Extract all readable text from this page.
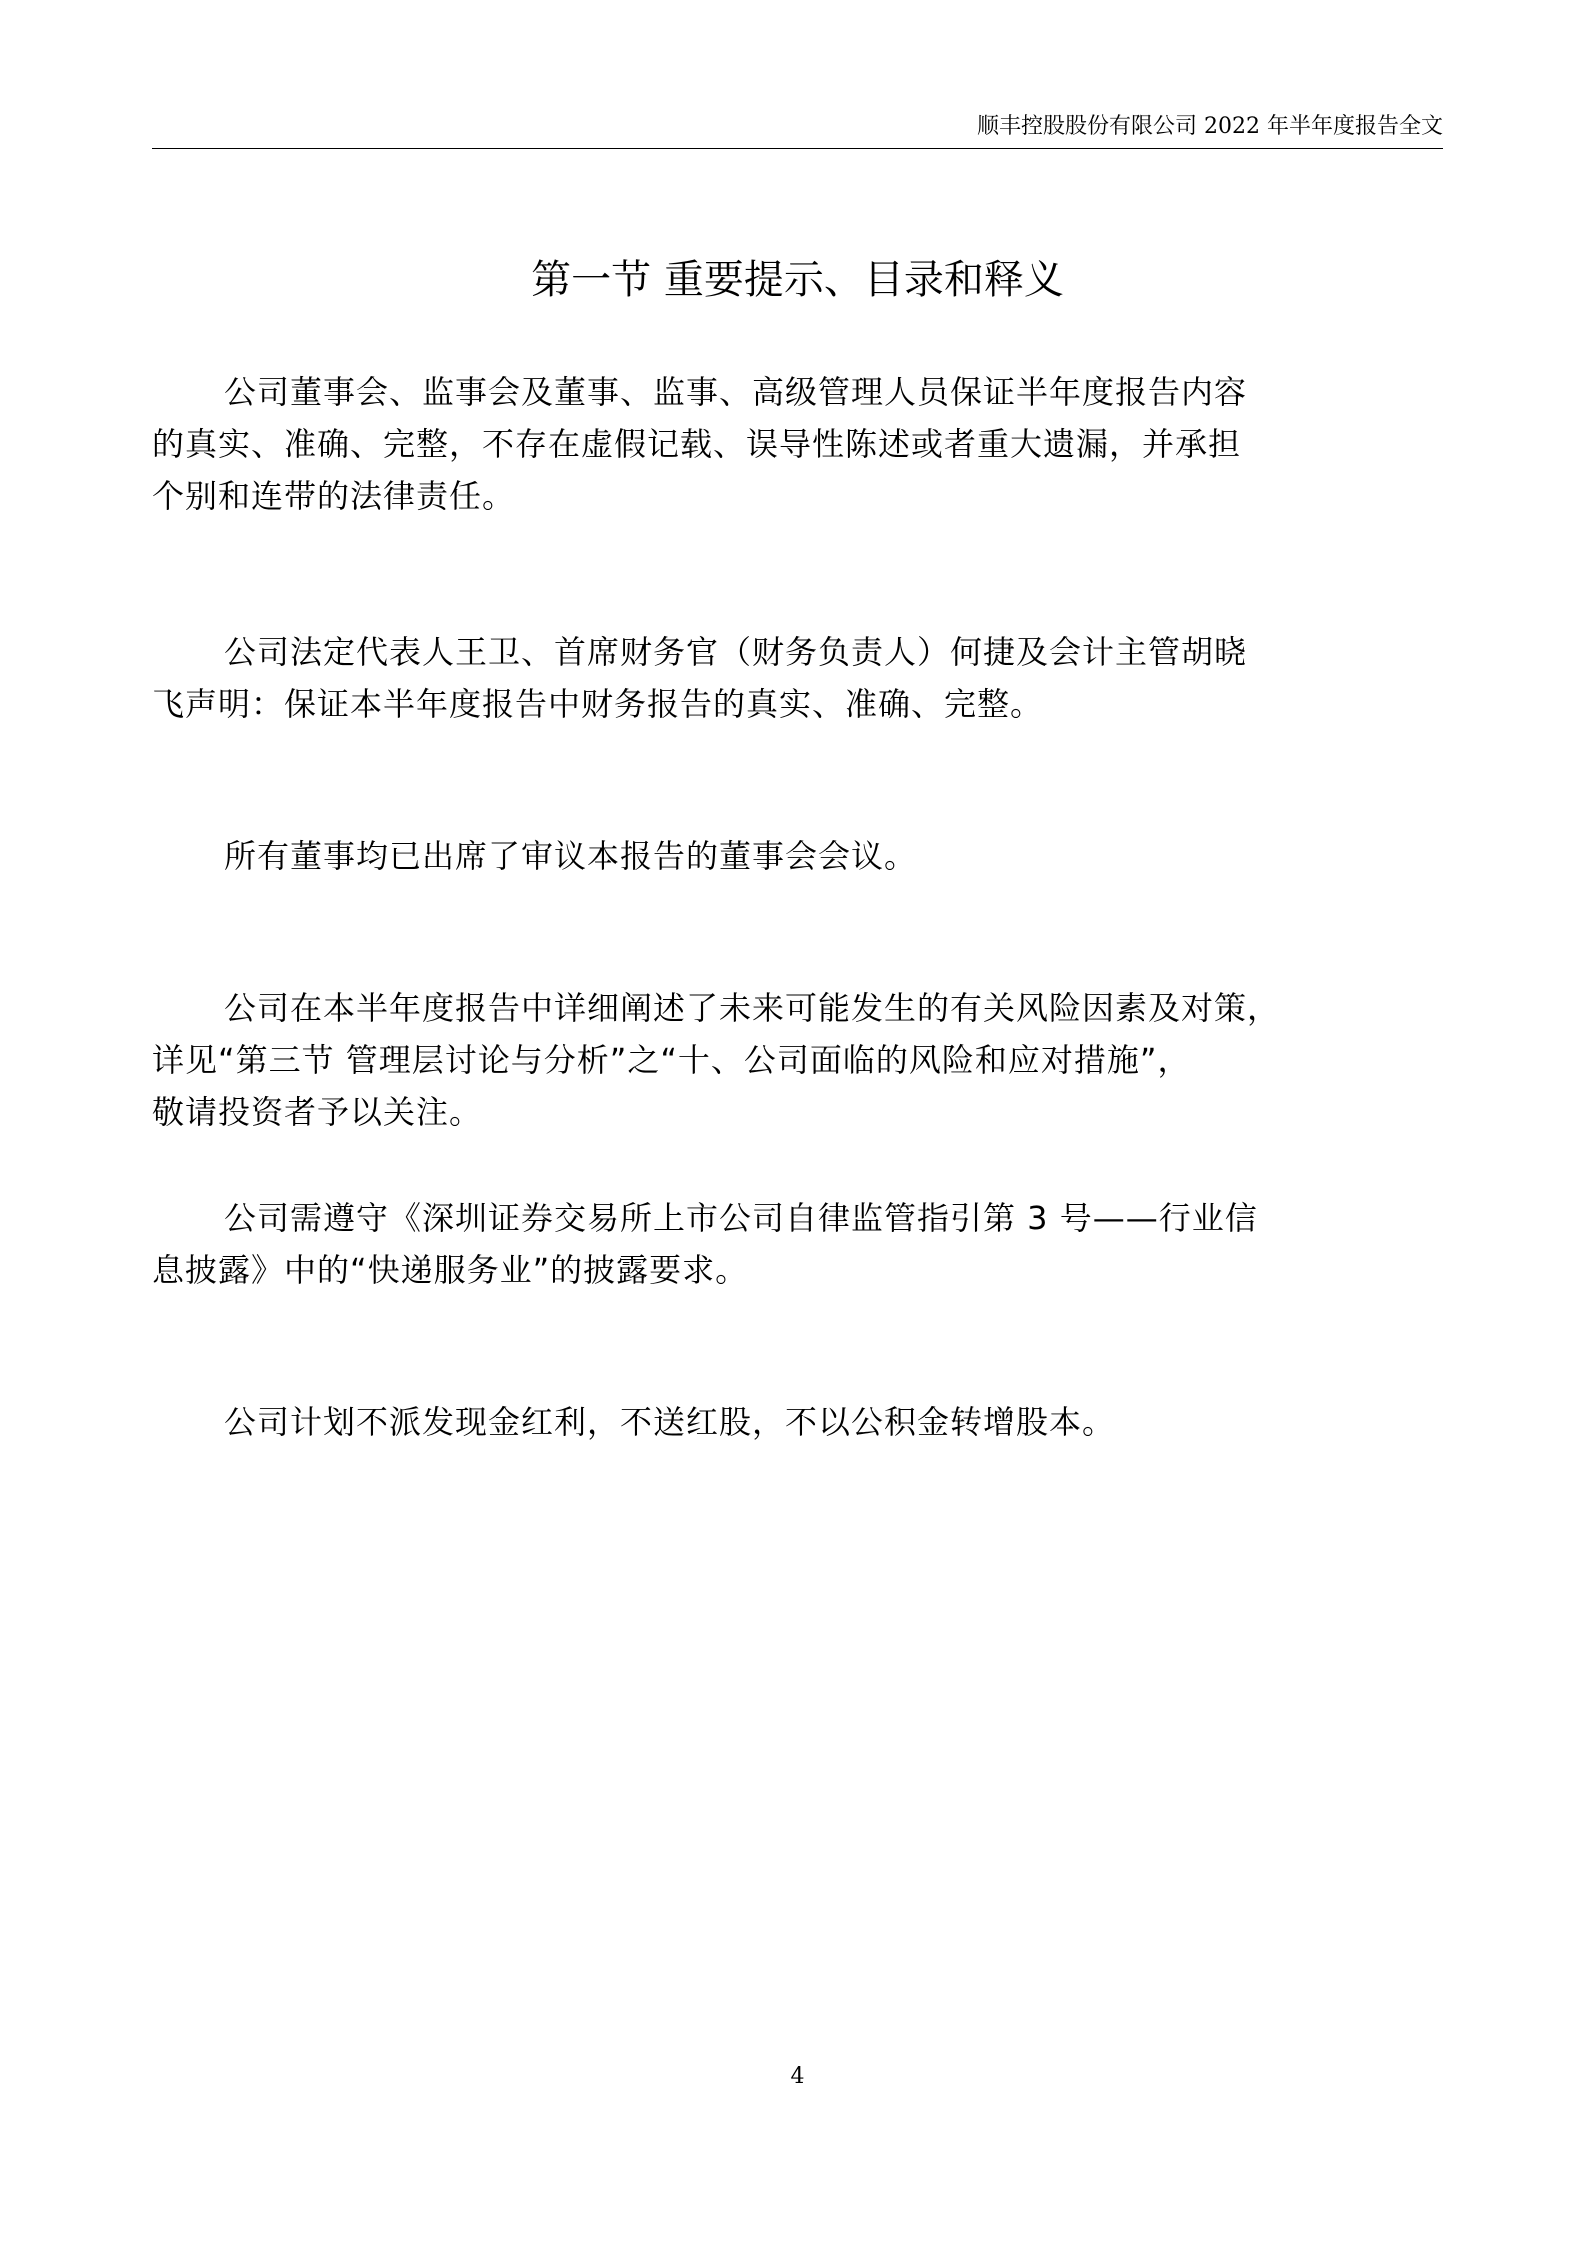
顺丰控股股份有限公司 2022 年半年度报告全文
第一节 重要提示、目录和释义
公司董事会、监事会及董事、监事、高级管理人员保证半年度报告内容
的真实、准确、完整，不存在虚假记载、误导性陈述或者重大遗漏，并承担
个别和连带的法律责任。
公司法定代表人王卫、首席财务官（财务负责人）何捷及会计主管胡晓
飞声明：保证本半年度报告中财务报告的真实、准确、完整。
所有董事均已出席了审议本报告的董事会会议。
公司在本半年度报告中详细阐述了未来可能发生的有关风险因素及对策，
详见“第三节 管理层讨论与分析”之“十、公司面临的风险和应对措施”，
敬请投资者予以关注。
公司需遵守《深圳证券交易所上市公司自律监管指引第 3 号——行业信
息披露》中的“快递服务业”的披露要求。
公司计划不派发现金红利，不送红股，不以公积金转增股本。
4
